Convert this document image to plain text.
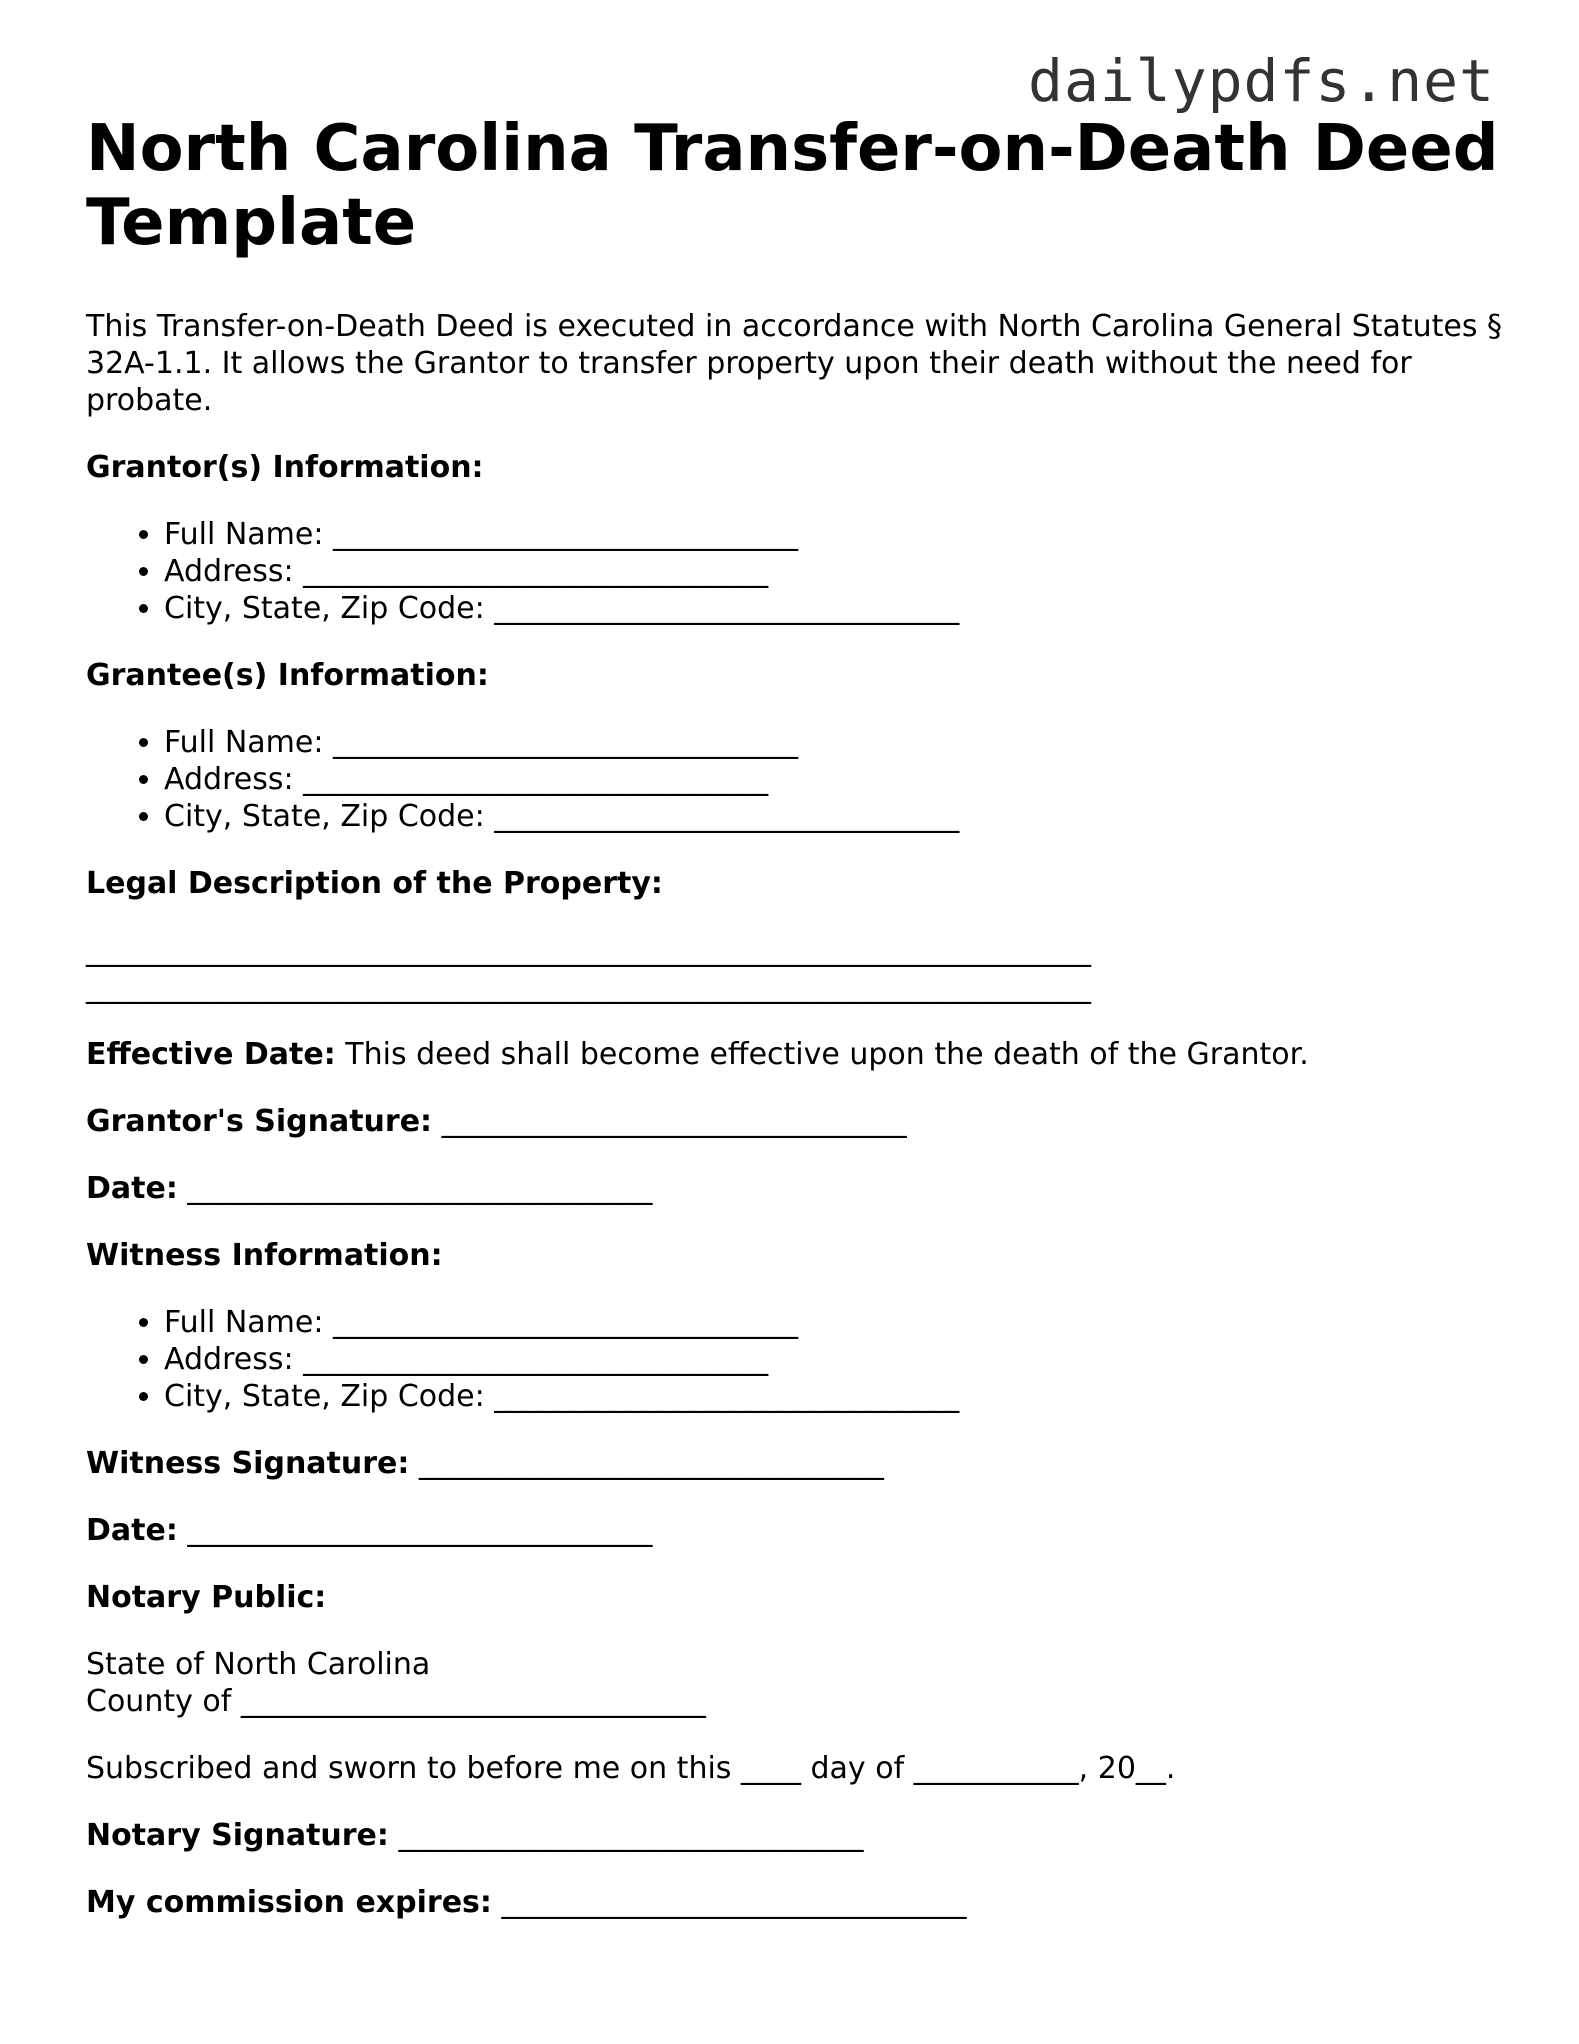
dailypdfs.net
North Carolina Transfer-on-Death Deed Template

This Transfer-on-Death Deed is executed in accordance with North Carolina General Statutes § 32A-1.1. It allows the Grantor to transfer property upon their death without the need for probate.

Grantor(s) Information:
• Full Name: _______________________________
• Address: _______________________________
• City, State, Zip Code: _______________________________
Grantee(s) Information:
• Full Name: _______________________________
• Address: _______________________________
• City, State, Zip Code: _______________________________
Legal Description of the Property:
___________________________________________________________________
___________________________________________________________________

Effective Date: This deed shall become effective upon the death of the Grantor.

Grantor's Signature: _______________________________

Date: _______________________________

Witness Information:
• Full Name: _______________________________
• Address: _______________________________
• City, State, Zip Code: _______________________________

Witness Signature: _______________________________

Date: _______________________________

Notary Public:

State of North Carolina

County of _______________________________

Subscribed and sworn to before me on this ____ day of ___________, 20__.

Notary Signature: _______________________________

My commission expires: _______________________________
